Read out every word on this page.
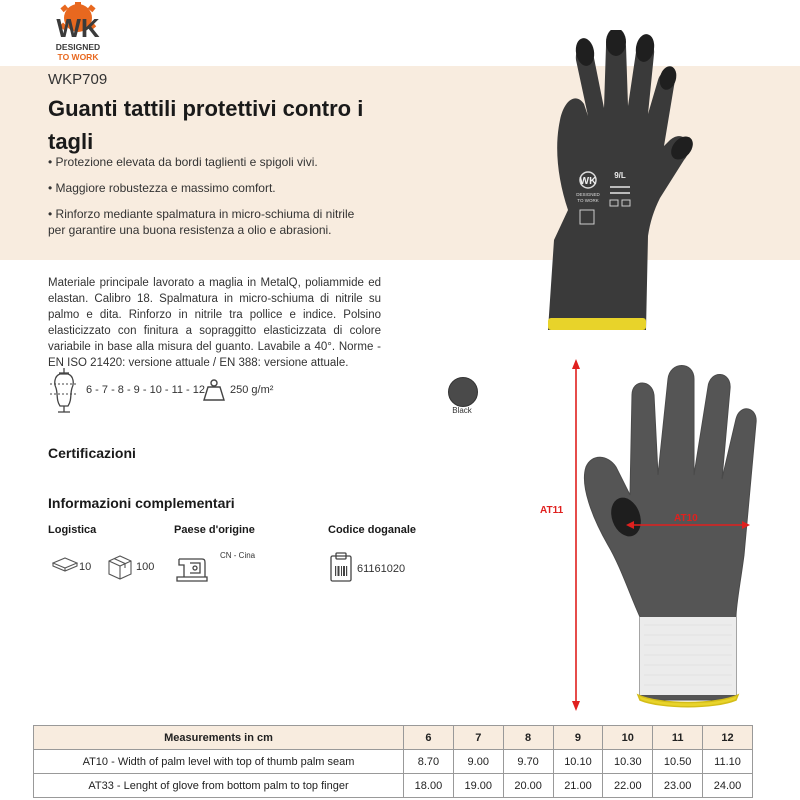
WK
DESIGNED
TO WORK
WKP709
Guanti tattili protettivi contro i tagli

• Protezione elevata da bordi taglienti e spigoli vivi.

• Maggiore robustezza e massimo comfort.

• Rinforzo mediante spalmatura in micro-schiuma di nitrile per garantire una buona resistenza a olio e abrasioni.

WK
DESIGNED
TO WORK
9/L
Materiale principale lavorato a maglia in MetalQ, poliammide ed elastan. Calibro 18. Spalmatura in micro-schiuma di nitrile su palmo e dita. Rinforzo in nitrile tra pollice e indice. Polsino elasticizzato con finitura a sopraggitto elasticizzata di colore variabile in base alla misura del guanto. Lavabile a 40°. Norme - EN ISO 21420: versione attuale / EN 388: versione attuale.
6 - 7 - 8 - 9 - 10 - 11 - 12 250 g/m²
Black
Certificazioni
Informazioni complementari
Logistica	Paese d'origine	Codice doganale
10	100
CN - Cina
61161020
AT11
AT10
Measurements in cm	6	7	8	9	10	11	12
AT10 - Width of palm level with top of thumb palm seam	8.70	9.00	9.70	10.10	10.30	10.50	11.10
AT33 - Lenght of glove from bottom palm to top finger	18.00	19.00	20.00	21.00	22.00	23.00	24.00
